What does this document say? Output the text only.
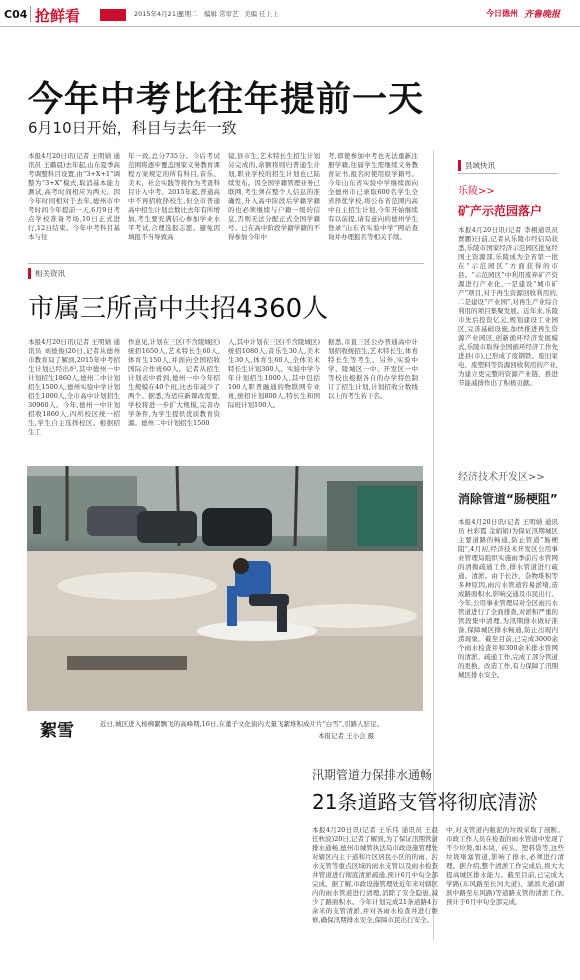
C04 抢鲜看	2015年4月21日
星期二 编辑 常审艺 美编 任上上	今日德州 齐鲁晚报
今年中考比往年提前一天
6月10日开始，科目与去年一致
本报4月20日讯(记者 王明婧 通讯员 王璐晨)去年起,山东夏季高考调整科目设置,由“3+X+1”调整为“3+X”模式,取消基本能力测试,高考时间相应为两天。因今年时间相对于去年,德州市中考时间今年提前一天,6月9日考点学校准备考场,10日正式进行,12日结束。今年中考科目基本与往
年一致,总分735分。今后考试范围将逐步覆盖国家义务教育课程方案规定的所有科目,音乐、美术、社会实践等将作为考查科目计入中考。2015年起,普通高中不再招收择校生,但全市普通高中招生计划总数比去年有所增加,考生要充满信心参加学业水平考试,合理选报志愿。避免因填报不当导致高
镜,县市生,艺术特长生招生计划另完成的,余额将则归普通生计划,职业学校的招生计划也已陆续发布。因全国学籍管理业务已联网,考生须在整个人信息的准确性,升入高中阶段后学籍学籍的也必须继续与户籍一级的信息,否则无法分配正式全国学籍号。已在高中阶段学籍学籍的不得参加今年中
考,即使参加中考也无法重新注册学籍,往届学生需继续义务教育证书,报名时使用原学籍号。今年山东省实验中学继续面向全德州市已录取600名学生全省择优学校,将公布省范围内高中自主招生计划,今年开始继续有以前提,请有意向的德州学生登录“山东省实验中学”网站查询并办理报名等相关手续。
相关资讯
市属三所高中共招4360人
本报4月20日讯(记者 王明婧 通讯员 刘德俊)20日,记者从德州市教育局了解到,2015年中考招生计划已经出炉,其中德州一中计划招生1860人,德州二中计划招生1500人,德州实验中学计划招生1000人,全市高中计划招生30960人。今年,德州一中计划招收1860人,四所校区统一招生,学生自主选择校区。根据招生工
作意见,计划在三区(不含陵城区)统招1650人,艺术特长生60人,体育生150人,并面向全国招收国际合作班60人。记者从招生计划表中看到,德州一中今年招生规模在40个班,比去年减少了两个。据悉,为适应新课改需要,学校将进一步扩大规模,完善办学条件,为学生提供优质教育资源。德州二中计划招生1500
人,其中计划在三区(不含陵城区)统招1080人,音乐生30人,美术生30人,体育生60人,全体美术特长生计划300人。实验中学今年计划招生1000人,其中包括100人职普融通的物联网专业班,统招计划800人,特长生和国际班计划100人。
据悉,市直三区公办普通高中计划招收统招生,艺术特长生,体育特长生等考生。另外,实验中学、陵城区一中、开发区一中等校也根据各自的办学特色制订了招生计划,计划招收分数线以上的考生若干名。
絮雪	近日,城区进入杨柳絮飘飞的高峰期,16日,在董子文化街内大量飞絮堆积成片片“白雪”,引路人驻足。
本报记者 王小会 摄
县域快讯
乐陵>>
矿产示范园落户
本报4月20日讯(记者 李栩通讯员 贾鹏)日前,记者从乐陵市经信局获悉,乐陵市国家经济示范园区批复经国土资源部,乐陵成为全省第一批在“示范园区”方面获得的市县。“示范园区”中利用废弃矿产资源进行产业化,一是建设“城市矿产”项目,对于再生资源回收利用的,二是建设“产业园”,对再生产业综合利用的项目集聚发展。近年来,乐陵市先后投资亿元,规划建设工业园区,完善基础设施,加快推进再生资源产业园区,创新循环经济发展模式,乐陵市取得全国循环经济工作先进县(市),已形成了废钢铁、废旧家电、废塑料等资源回收利用的产业,为建立更完整的资源产业链、推进节能减排作出了积极贡献。
经济技术开发区>>
消除管道“肠梗阻”
本报4月20日讯(记者 王明婧 通讯员 杜彩霞 金娟娟)为保证汛期城区主要道路的畅通,防止管道“肠梗阻”,4月初,经济技术开发区公用事业管理局组织实施雨季前污水管网的清掏疏通工作,排水管道进行疏通、清淤。由于长沙、杂物堆积等多种原因,雨污水管道容易淤堵,造成路面积水,影响交通及市民出行。今年,公用事业管理局对全区雨污水管道进行了全面排查,对淤积严重的管段集中清理,为汛期排水做好准备,保障城区排水畅通,防止出现内涝现象。截至目前,已完成3000余个雨水检查井和300余米排水管网的清淤、疏通工作,完成了部分管道的更换、改造工作,有力保障了汛期城区排水安全。
汛期管道力保排水通畅
21条道路支管将彻底清淤
本报4月20日讯(记者 王乐伟 通讯员 王晨 任秋波)20日,记者了解到,为了保证汛期管道排水通畅,德州市城管执法局市政设施管理处对辖区内主干道和片区居民小区的的雨、污水支管等重点区域的雨水支管以及雨水检查井管道进行彻底清淤疏通,预计6月中旬全部完成。据了解,市政设施管理处近年来对辖区内的雨水管道进行清理,消除了安全隐患,减少了路面积水。今年计划完成21条道路4万余米的支管清淤,并对各雨水检查井进行维修,确保汛期排水安全,保障市民出行安全。
中,对支管道内瓶泥的垃圾采取了剖断。市政工作人员在检查的雨水管道中发现了不少垃圾,如木块、砖头、塑料袋等,这些垃圾堵塞管道,影响了排水,必须进行清理。据介绍,整个清淤工作完成后,将大大提高城区排水能力。截至目前,已完成大学路(东风路至长河大道)、湖滨大道(湖滨中路至东风路)等道路支管的清淤工作,预计于6月中旬全部完成。
